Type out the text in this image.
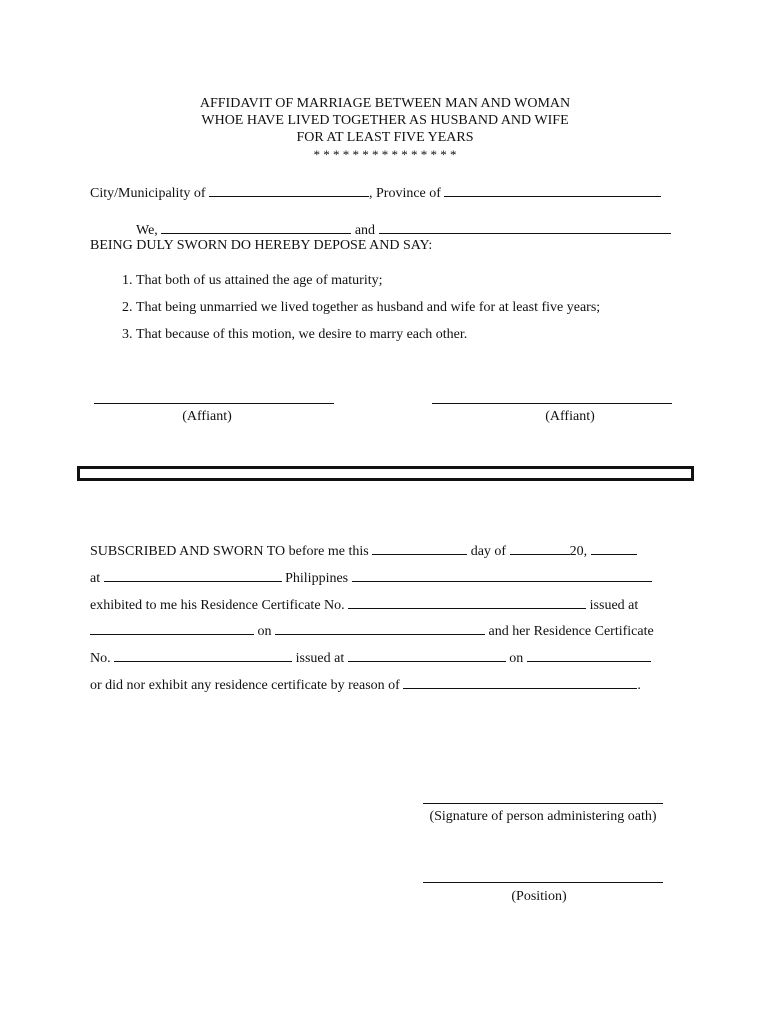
AFFIDAVIT OF MARRIAGE BETWEEN MAN AND WOMAN
WHOE HAVE LIVED TOGETHER AS HUSBAND AND WIFE
FOR AT LEAST FIVE YEARS
* * * * * * * * * * * * * * *
City/Municipality of	, Province of
We,	and
BEING DULY SWORN DO HEREBY DEPOSE AND SAY:
1. That both of us attained the age of maturity;
2. That being unmarried we lived together as husband and wife for at least five years;
3. That because of this motion, we desire to marry each other.
(Affiant)	(Affiant)
SUBSCRIBED AND SWORN TO before me this	day of	20,
at	Philippines
exhibited to me his Residence Certificate No.	issued at
on	and her Residence Certificate
No.	issued at	on
or did nor exhibit any residence certificate by reason of	.
(Signature of person administering oath)
(Position)
